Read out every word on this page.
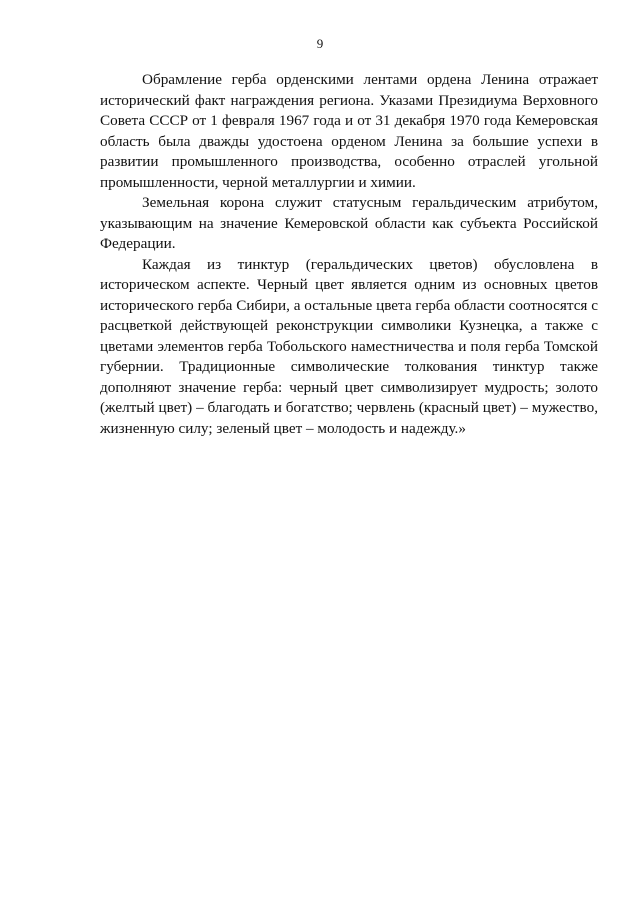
9

Обрамление герба орденскими лентами ордена Ленина отражает исторический факт награждения региона. Указами Президиума Верховного Совета СССР от 1 февраля 1967 года и от 31 декабря 1970 года Кемеровская область была дважды удостоена орденом Ленина за большие успехи в развитии промышленного производства, особенно отраслей угольной промышленности, черной металлургии и химии.

Земельная корона служит статусным геральдическим атрибутом, указывающим на значение Кемеровской области как субъекта Российской Федерации.

Каждая из тинктур (геральдических цветов) обусловлена в историческом аспекте. Черный цвет является одним из основных цветов исторического герба Сибири, а остальные цвета герба области соотносятся с расцветкой действующей реконструкции символики Кузнецка, а также с цветами элементов герба Тобольского наместничества и поля герба Томской губернии. Традиционные символические толкования тинктур также дополняют значение герба: черный цвет символизирует мудрость; золото (желтый цвет) – благодать и богатство; червлень (красный цвет) – мужество, жизненную силу; зеленый цвет – молодость и надежду.»
